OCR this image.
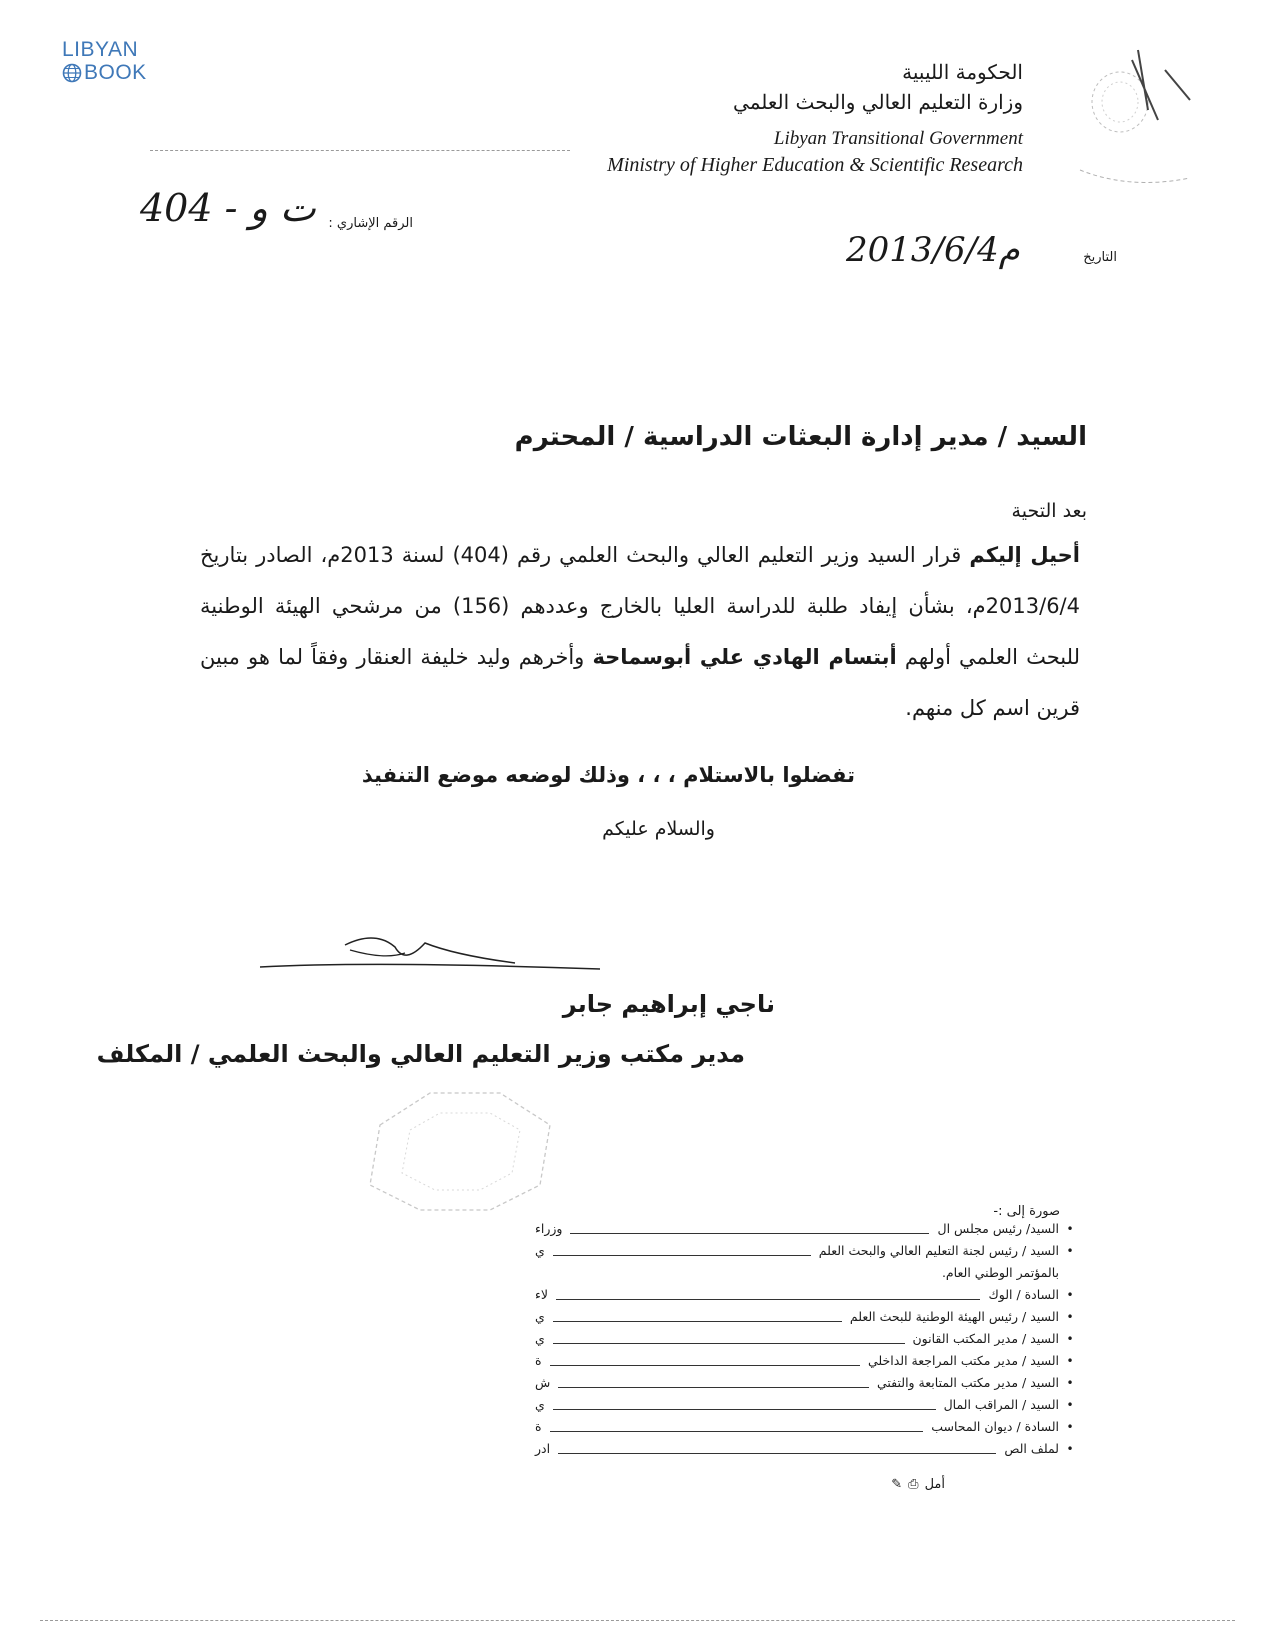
LIBYAN
BOOK	الحكومة الليبية
وزارة التعليم العالي والبحث العلمي
Libyan Transitional Government
Ministry of Higher Education & Scientific Research
الرقم الإشاري :
404 - ت و
التاريخ
2013/6/4م
السيد / مدير إدارة البعثات الدراسية / المحترم
بعد التحية
أحيل إليكم قرار السيد وزير التعليم العالي والبحث العلمي رقم (404) لسنة 2013م، الصادر بتاريخ 2013/6/4م، بشأن إيفاد طلبة للدراسة العليا بالخارج وعددهم (156) من مرشحي الهيئة الوطنية للبحث العلمي أولهم أبتسام الهادي علي أبوسماحة وأخرهم وليد خليفة العنقار وفقاً لما هو مبين قرين اسم كل منهم.
تفضلوا بالاستلام ، ، ، وذلك لوضعه موضع التنفيذ
والسلام عليكم
ناجي إبراهيم جابر
مدير مكتب وزير التعليم العالي والبحث العلمي / المكلف
صورة إلى :-
•
السيد/ رئيس مجلس ال
وزراء
•
السيد / رئيس لجنة التعليم العالي والبحث العلم
ي
بالمؤتمر الوطني العام.
•
السادة / الوك
لاء
•
السيد / رئيس الهيئة الوطنية للبحث العلم
ي
•
السيد / مدير المكتب القانون
ي
•
السيد / مدير مكتب المراجعة الداخلي
ة
•
السيد / مدير مكتب المتابعة والتفتي
ش
•
السيد / المراقب المال
ي
•
السادة / ديوان المحاسب
ة
•
لملف الص
ادر
أمل
⎙
✎
